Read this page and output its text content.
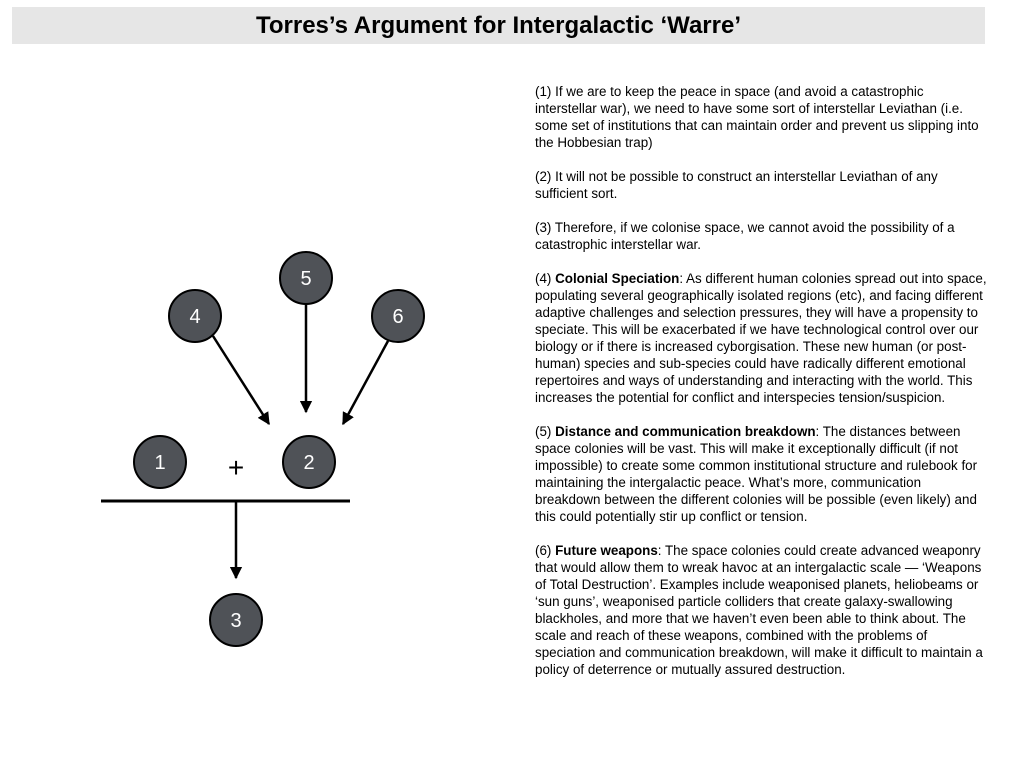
Torres’s Argument for Intergalactic ‘Warre’
+
1	2
3
4
5
6

(1) If we are to keep the peace in space (and avoid a catastrophic interstellar war), we need to have some sort of interstellar Leviathan (i.e. some set of institutions that can maintain order and prevent us slipping into the Hobbesian trap)

(2) It will not be possible to construct an interstellar Leviathan of any sufficient sort.

(3) Therefore, if we colonise space, we cannot avoid the possibility of a catastrophic interstellar war.

(4) Colonial Speciation: As different human colonies spread out into space, populating several geographically isolated regions (etc), and facing different adaptive challenges and selection pressures, they will have a propensity to speciate. This will be exacerbated if we have technological control over our biology or if there is increased cyborgisation. These new human (or post-human) species and sub-species could have radically different emotional repertoires and ways of understanding and interacting with the world. This increases the potential for conflict and interspecies tension/suspicion.

(5) Distance and communication breakdown: The distances between space colonies will be vast. This will make it exceptionally difficult (if not impossible) to create some common institutional structure and rulebook for maintaining the intergalactic peace. What’s more, communication breakdown between the different colonies will be possible (even likely) and this could potentially stir up conflict or tension.

(6) Future weapons: The space colonies could create advanced weaponry that would allow them to wreak havoc at an intergalactic scale — ‘Weapons of Total Destruction’. Examples include weaponised planets, heliobeams or ‘sun guns’, weaponised particle colliders that create galaxy-swallowing blackholes, and more that we haven’t even been able to think about. The scale and reach of these weapons, combined with the problems of speciation and communication breakdown, will make it difficult to maintain a policy of deterrence or mutually assured destruction.
